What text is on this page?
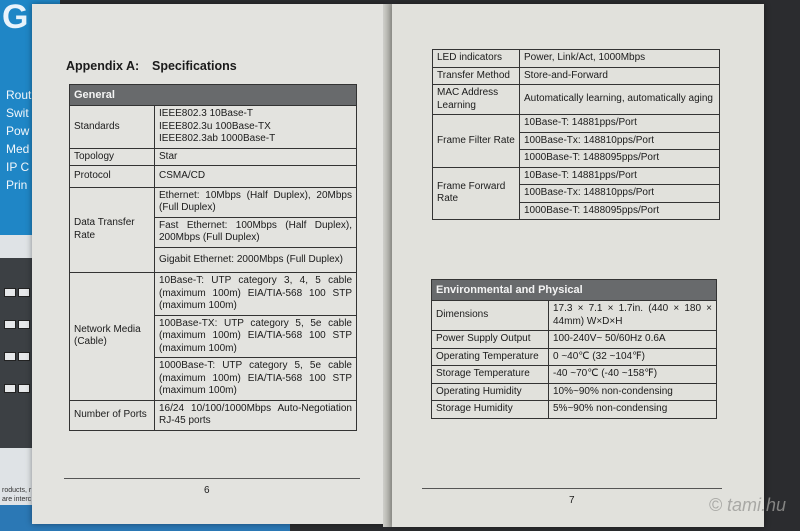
G
Rout
Swit
Pow
Med
IP C
Prin
roducts, r
are interc
Appendix A: Specifications
General	
Standards	IEEE802.3 10Base-T
IEEE802.3u 100Base-TX
IEEE802.3ab 1000Base-T

Topology	Star
Protocol	CSMA/CD
Data Transfer Rate	Ethernet: 10Mbps (Half Duplex), 20Mbps (Full Duplex)
	Fast Ethernet: 100Mbps (Half Duplex), 200Mbps (Full Duplex)
	Gigabit Ethernet: 2000Mbps (Full Duplex)
Network Media (Cable)	10Base-T: UTP category 3, 4, 5 cable (maximum 100m) EIA/TIA-568 100 STP (maximum 100m)
	100Base-TX: UTP category 5, 5e cable (maximum 100m) EIA/TIA-568 100 STP (maximum 100m)
	1000Base-T: UTP category 5, 5e cable (maximum 100m) EIA/TIA-568 100 STP (maximum 100m)
Number of Ports	16/24 10/100/1000Mbps Auto-Negotiation RJ-45 ports
6
LED indicators	Power, Link/Act, 1000Mbps
Transfer Method	Store-and-Forward
MAC Address Learning	Automatically learning, automatically aging
Frame Filter Rate	10Base-T: 14881pps/Port
	100Base-Tx: 148810pps/Port
	1000Base-T: 1488095pps/Port
Frame Forward Rate	10Base-T: 14881pps/Port
	100Base-Tx: 148810pps/Port
	1000Base-T: 1488095pps/Port
Environmental and Physical	
Dimensions	17.3 × 7.1 × 1.7in. (440 × 180 × 44mm) W×D×H
Power Supply Output	100-240V~ 50/60Hz 0.6A
Operating Temperature	0 ~40℃ (32 ~104℉)
Storage Temperature	-40 ~70℃ (-40 ~158℉)
Operating Humidity	10%~90% non-condensing
Storage Humidity	5%~90% non-condensing
7	© tami.hu
